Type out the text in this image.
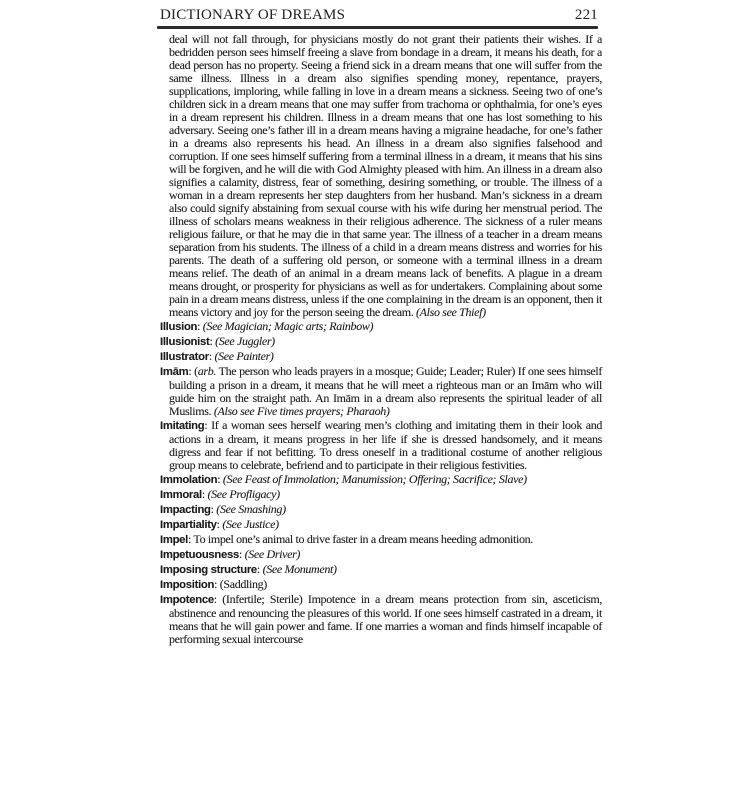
DICTIONARY OF DREAMS	221

deal will not fall through, for physicians mostly do not grant their patients their wishes. If a bedridden person sees himself freeing a slave from bondage in a dream, it means his death, for a dead person has no property. Seeing a friend sick in a dream means that one will suffer from the same illness. Illness in a dream also signifies spending money, repentance, prayers, supplications, imploring, while falling in love in a dream means a sickness. Seeing two of one’s children sick in a dream means that one may suffer from trachoma or ophthalmia, for one’s eyes in a dream represent his children. Illness in a dream means that one has lost something to his adversary. Seeing one’s father ill in a dream means having a migraine headache, for one’s father in a dreams also represents his head. An illness in a dream also signifies falsehood and corruption. If one sees himself suffering from a terminal illness in a dream, it means that his sins will be forgiven, and he will die with God Almighty pleased with him. An illness in a dream also signifies a calamity, distress, fear of something, desiring something, or trouble. The illness of a woman in a dream represents her step daughters from her husband. Man’s sickness in a dream also could signify abstaining from sexual course with his wife during her menstrual period. The illness of scholars means weakness in their religious adherence. The sickness of a ruler means religious failure, or that he may die in that same year. The illness of a teacher in a dream means separation from his students. The illness of a child in a dream means distress and worries for his parents. The death of a suffering old person, or someone with a terminal illness in a dream means relief. The death of an animal in a dream means lack of benefits. A plague in a dream means drought, or prosperity for physicians as well as for undertakers. Complaining about some pain in a dream means distress, unless if the one complaining in the dream is an opponent, then it means victory and joy for the person seeing the dream. (Also see Thief)

Illusion: (See Magician; Magic arts; Rainbow)

Illusionist: (See Juggler)

Illustrator: (See Painter)

Imām: (arb. The person who leads prayers in a mosque; Guide; Leader; Ruler) If one sees himself building a prison in a dream, it means that he will meet a righteous man or an Imām who will guide him on the straight path. An Imām in a dream also represents the spiritual leader of all Muslims. (Also see Five times prayers; Pharaoh)

Imitating: If a woman sees herself wearing men’s clothing and imitating them in their look and actions in a dream, it means progress in her life if she is dressed handsomely, and it means digress and fear if not befitting. To dress oneself in a traditional costume of another religious group means to celebrate, befriend and to participate in their religious festivities.

Immolation: (See Feast of Immolation; Manumission; Offering; Sacrifice; Slave)

Immoral: (See Profligacy)

Impacting: (See Smashing)

Impartiality: (See Justice)

Impel: To impel one’s animal to drive faster in a dream means heeding admonition.

Impetuousness: (See Driver)

Imposing structure: (See Monument)

Imposition: (Saddling)

Impotence: (Infertile; Sterile) Impotence in a dream means protection from sin, asceticism, abstinence and renouncing the pleasures of this world. If one sees himself castrated in a dream, it means that he will gain power and fame. If one marries a woman and finds himself incapable of performing sexual intercourse
